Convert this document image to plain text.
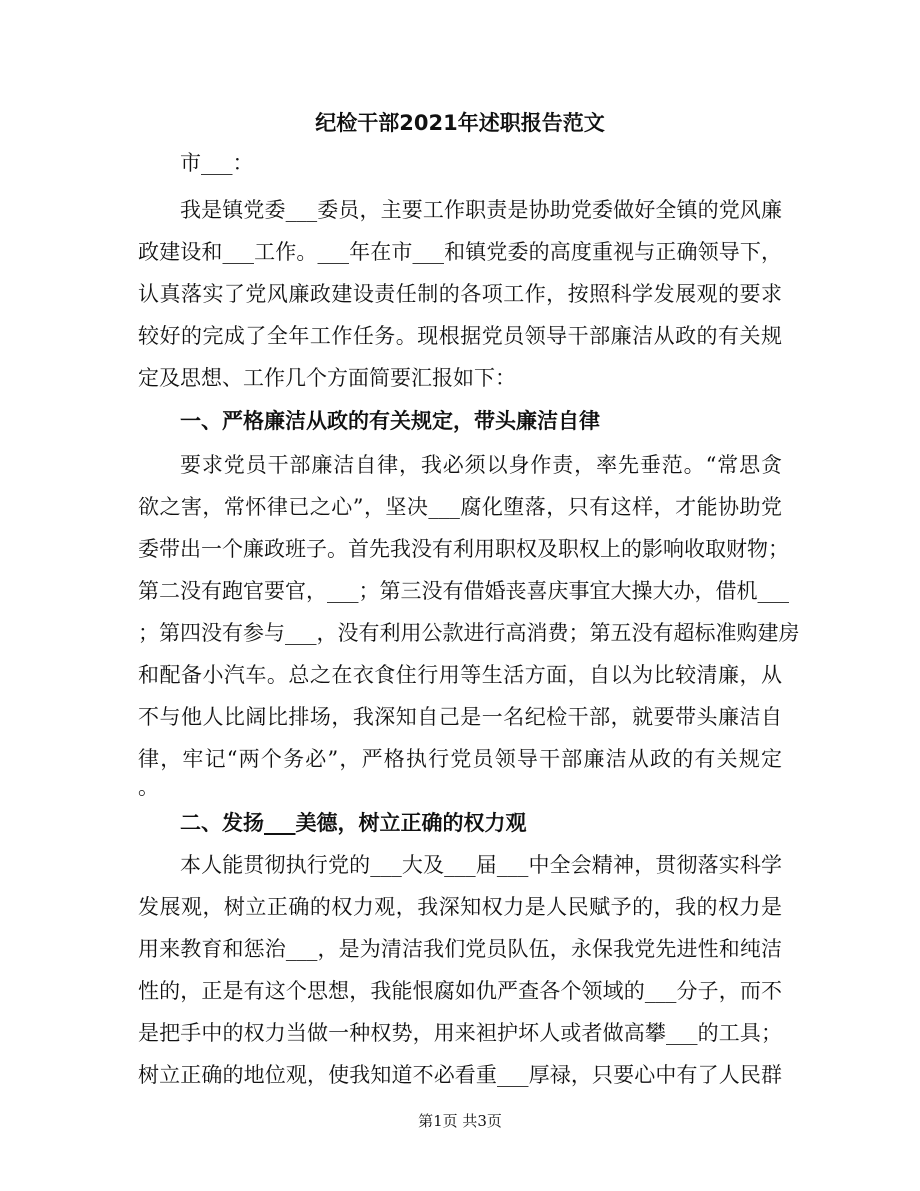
纪检干部2021年述职报告范文
市___：
我是镇党委___委员，主要工作职责是协助党委做好全镇的党风廉
政建设和___工作。___年在市___和镇党委的高度重视与正确领导下，
认真落实了党风廉政建设责任制的各项工作，按照科学发展观的要求
较好的完成了全年工作任务。现根据党员领导干部廉洁从政的有关规
定及思想、工作几个方面简要汇报如下：
一、严格廉洁从政的有关规定，带头廉洁自律
要求党员干部廉洁自律，我必须以身作责，率先垂范。“常思贪
欲之害，常怀律已之心”，坚决___腐化堕落，只有这样，才能协助党
委带出一个廉政班子。首先我没有利用职权及职权上的影响收取财物；
第二没有跑官要官，___；第三没有借婚丧喜庆事宜大操大办，借机___
；第四没有参与___，没有利用公款进行高消费；第五没有超标准购建房
和配备小汽车。总之在衣食住行用等生活方面，自以为比较清廉，从
不与他人比阔比排场，我深知自己是一名纪检干部，就要带头廉洁自
律，牢记“两个务必”，严格执行党员领导干部廉洁从政的有关规定
。
二、发扬___美德，树立正确的权力观
本人能贯彻执行党的___大及___届___中全会精神，贯彻落实科学
发展观，树立正确的权力观，我深知权力是人民赋予的，我的权力是
用来教育和惩治___，是为清洁我们党员队伍，永保我党先进性和纯洁
性的，正是有这个思想，我能恨腐如仇严查各个领域的___分子，而不
是把手中的权力当做一种权势，用来袒护坏人或者做高攀___的工具；
树立正确的地位观，使我知道不必看重___厚禄，只要心中有了人民群
第1页 共3页
